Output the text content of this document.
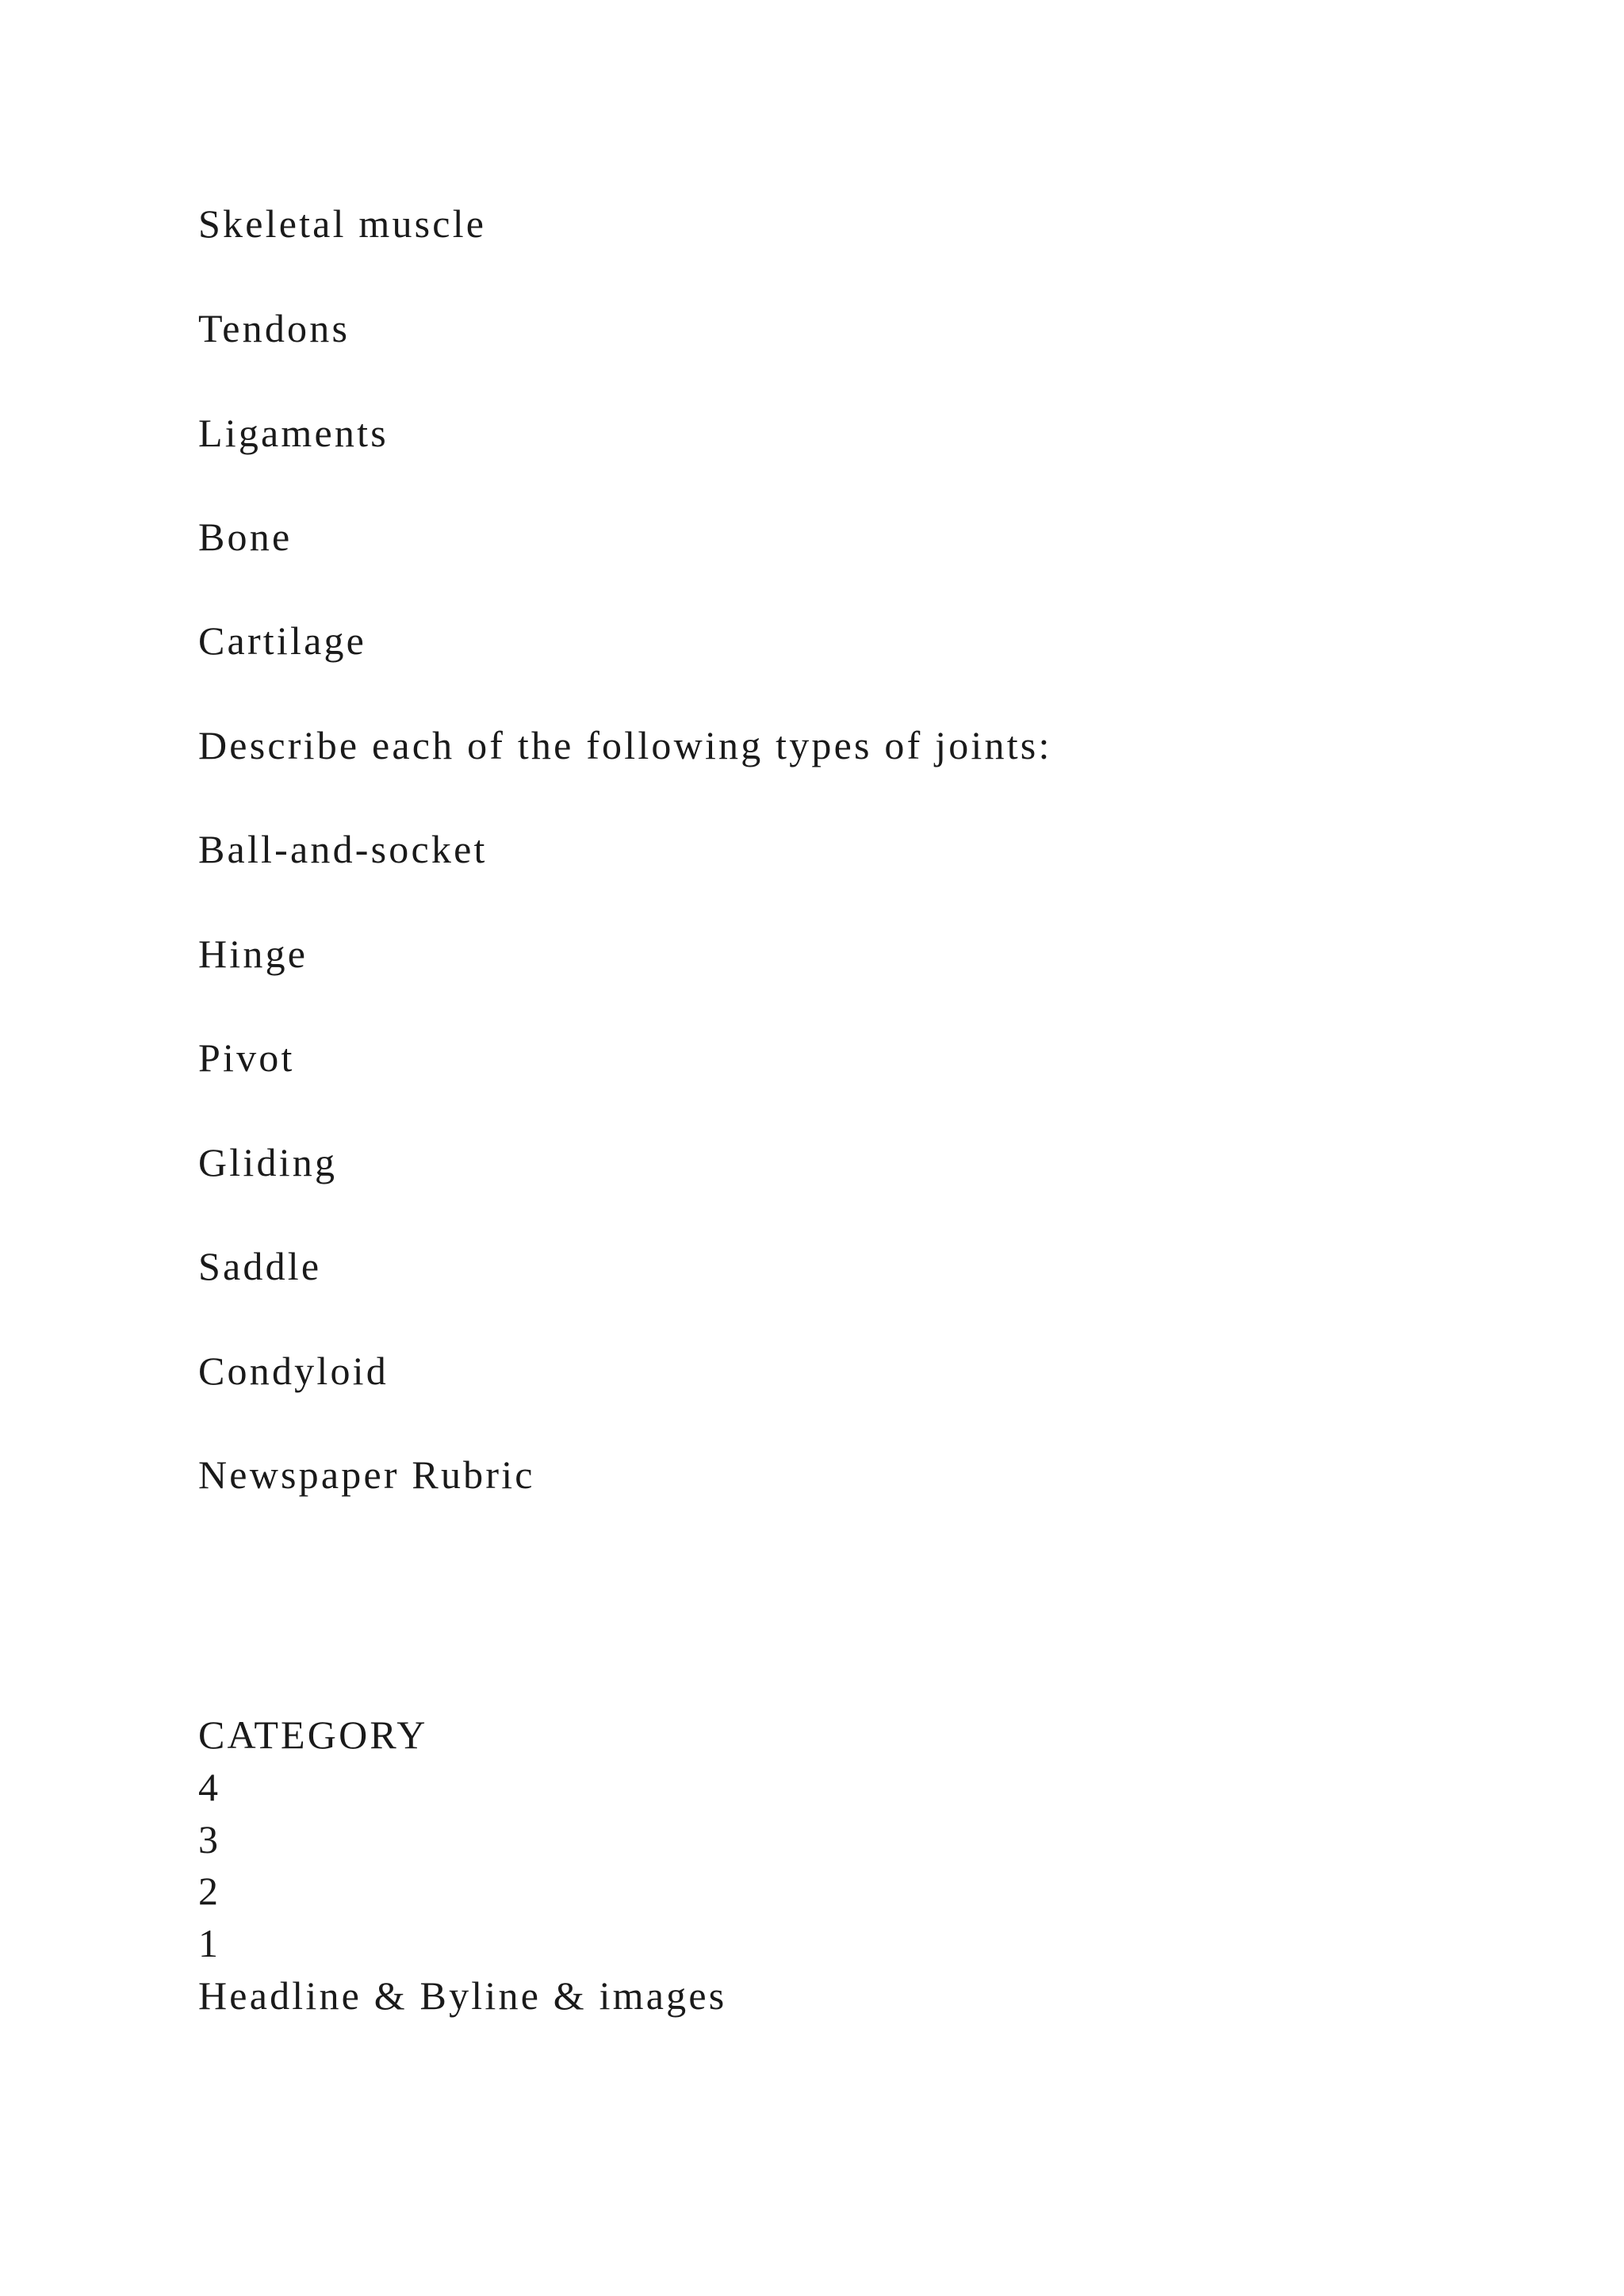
Skeletal muscle
Tendons
Ligaments
Bone
Cartilage
Describe each of the following types of joints:
Ball-and-socket
Hinge
Pivot
Gliding
Saddle
Condyloid
Newspaper Rubric
CATEGORY
4
3
2
1
Headline & Byline & images
